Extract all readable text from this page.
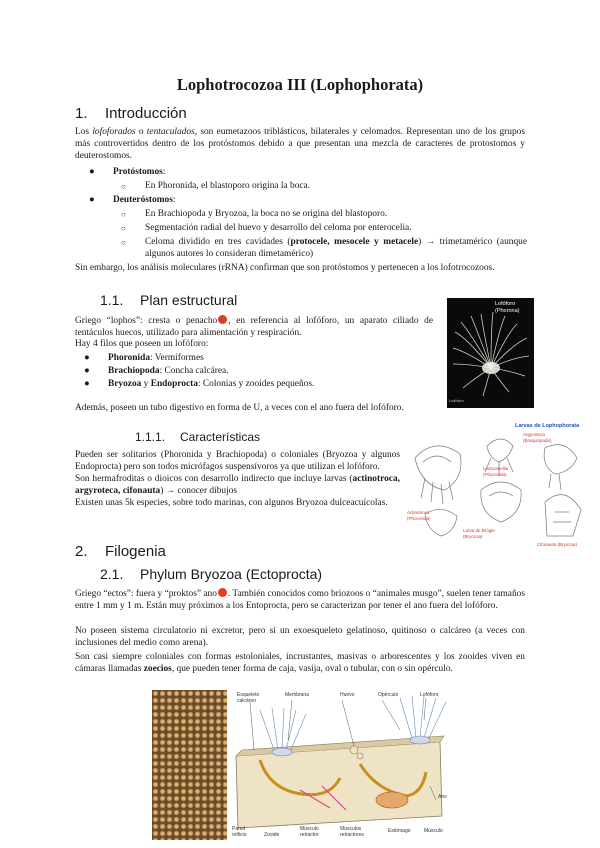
Lophotrocozoa III (Lophophorata)
1. Introducción
Los lofoforados o tentaculados, son eumetazoos triblásticos, bilaterales y celomados. Representan uno de los grupos más controvertidos dentro de los protóstomos debido a que presentan una mezcla de caracteres de protostomos y deuterostomos.
● Protóstomos:
○ En Phoronida, el blastoporo origina la boca.
● Deuteróstomos:
○ En Brachiopoda y Bryozoa, la boca no se origina del blastoporo.
○ Segmentación radial del huevo y desarrollo del celoma por enterocelia.
○ Celoma dividido en tres cavidades (protocele, mesocele y metacele) → trimetamérico (aunque algunos autores lo consideran dimetamérico)
Sin embargo, los análisis moleculares (rRNA) confirman que son protóstomos y pertenecen a los lofotrocozoos.
1.1. Plan estructural
Griego “lophos”: cresta o penacho , en referencia al lofóforo, un aparato ciliado de tentáculos huecos, utilizado para alimentación y respiración.
Hay 4 filos que poseen un lofóforo:
● Phoronida: Vermiformes
● Brachiopoda: Concha calcárea.
● Bryozoa y Endoprocta: Colonias y zooides pequeños.
Además, poseen un tubo digestivo en forma de U, a veces con el ano fuera del lofóforo.
Lofóforo
(Phorona)
Lofóforo
1.1.1. Características
Pueden ser solitarios (Phoronida y Brachiopoda) o coloniales (Bryozoa y algunos Endoprocta) pero son todos micrófagos suspensívoros ya que utilizan el lofóforo.
Son hermafroditas o dioicos con desarrollo indirecto que incluye larvas (actinotroca, argyroteca, cifonauta) → conocer dibujos
Existen unas 5k especies, sobre todo marinas, con algunos Bryozoa dulceacuícolas.
Larvas de Lophophorata
Argyroteca
(Braquiópodo)
Lecteomellia
(Phoronida)
Actinotroca
(Phoronida)
Larva de Brógie
(Bryozoa)
Cifonauta (Bryozoa)
2. Filogenia
2.1. Phylum Bryozoa (Ectoprocta)
Griego “ectos”: fuera y “proktos” ano . También conocidos como briozoos o “animales musgo”, suelen tener tamaños entre 1 mm y 1 m. Están muy próximos a los Entoprocta, pero se caracterizan por tener el ano fuera del lofóforo.
No poseen sistema circulatorio ni excretor, pero sí un exoesqueleto gelatinoso, quitinoso o calcáreo (a veces con inclusiones del medio como arena).
Son casi siempre coloniales con formas estoloniales, incrustantes, masivas o arborescentes y los zooides viven en cámaras llamadas zoecios, que pueden tener forma de caja, vasija, oval o tubular, con o sin opérculo.
Esqueleto calcáreo
Membrana	Huevo	Opérculo	Lofóforo
Ano
Pared orificio	Zooide
Músculo retractor
Músculos retractores
Estómago	Músculo
